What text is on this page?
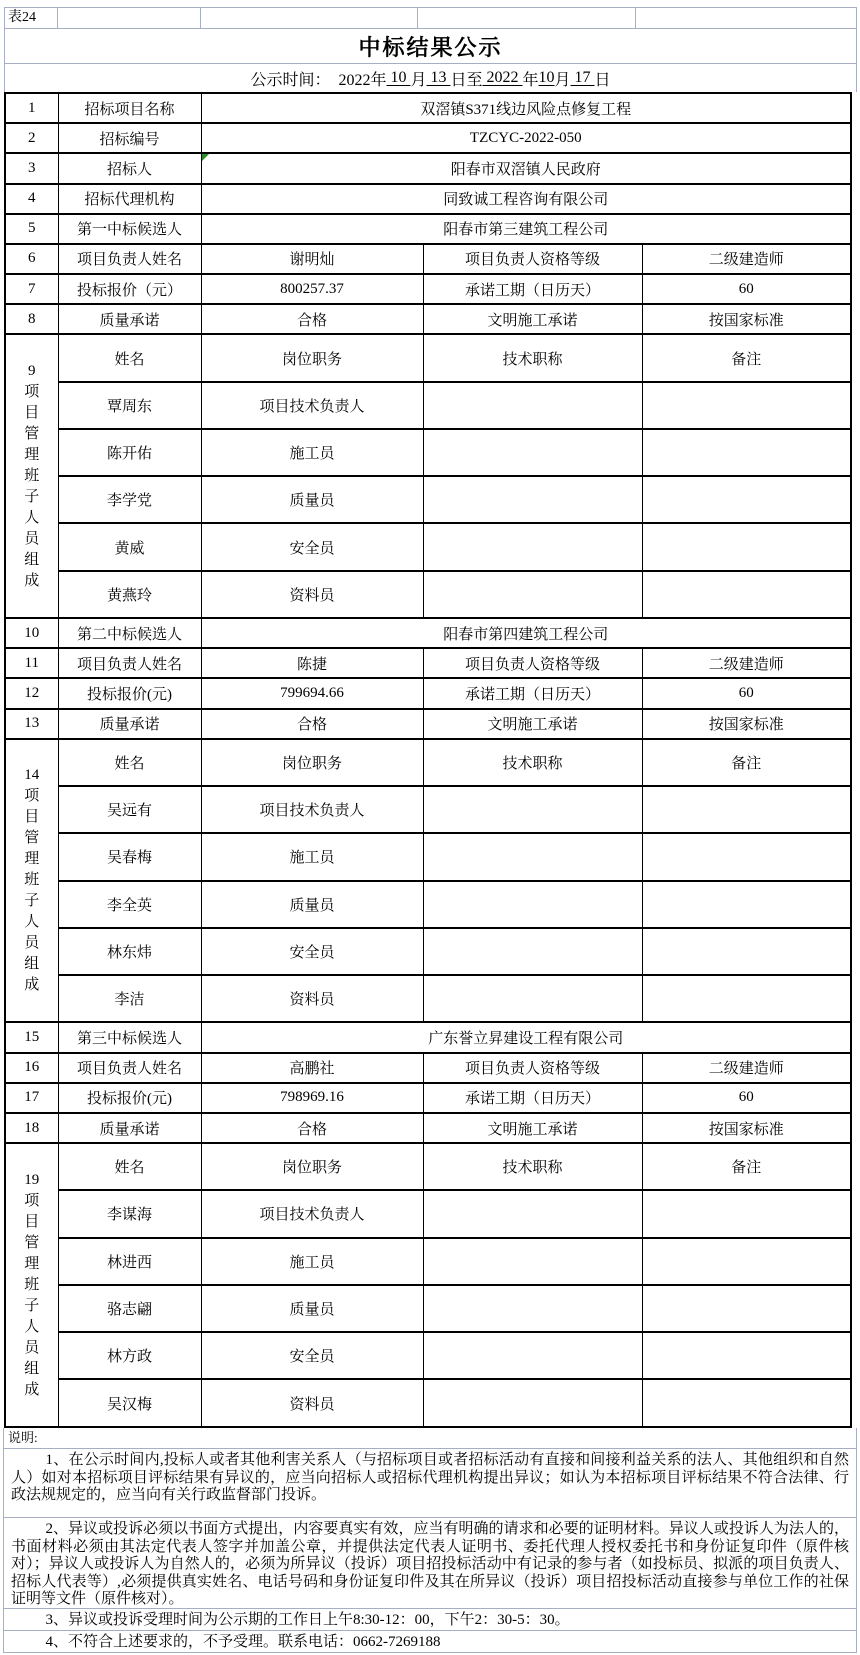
表24
中标结果公示
公示时间： 2022年 10 月 13 日至 2022 年 10 月 17 日
1	招标项目名称	双滘镇S371线边风险点修复工程		
2	招标编号	TZCYC-2022-050		
3	招标人	阳春市双滘镇人民政府		
4	招标代理机构	同致诚工程咨询有限公司		
5	第一中标候选人	阳春市第三建筑工程公司		
6	项目负责人姓名	谢明灿	项目负责人资格等级	二级建造师
7	投标报价（元）	800257.37	承诺工期（日历天）	60
8	质量承诺	合格	文明施工承诺	按国家标准

9项目管理班子人员组成	姓名	岗位职务	技术职称	备注
	覃周东	项目技术负责人		
	陈开佑	施工员		
	李学党	质量员		
	黄威	安全员		
	黄燕玲	资料员		
10	第二中标候选人	阳春市第四建筑工程公司		
11	项目负责人姓名	陈捷	项目负责人资格等级	二级建造师
12	投标报价(元)	799694.66	承诺工期（日历天）	60
13	质量承诺	合格	文明施工承诺	按国家标准

14项目管理班子人员组成	姓名	岗位职务	技术职称	备注
	吴远有	项目技术负责人		
	吴春梅	施工员		
	李全英	质量员		
	林东炜	安全员		
	李洁	资料员		
15	第三中标候选人	广东誉立昇建设工程有限公司		
16	项目负责人姓名	高鹏社	项目负责人资格等级	二级建造师
17	投标报价(元)	798969.16	承诺工期（日历天）	60
18	质量承诺	合格	文明施工承诺	按国家标准

19项目管理班子人员组成	姓名	岗位职务	技术职称	备注
	李谋海	项目技术负责人		
	林进西	施工员		
	骆志翩	质量员		
	林方政	安全员		
	吴汉梅	资料员		
说明:
1、在公示时间内,投标人或者其他利害关系人（与招标项目或者招标活动有直接和间接利益关系的法人、其他组织和自然人）如对本招标项目评标结果有异议的，应当向招标人或招标代理机构提出异议；如认为本招标项目评标结果不符合法律、行政法规规定的，应当向有关行政监督部门投诉。
2、异议或投诉必须以书面方式提出，内容要真实有效，应当有明确的请求和必要的证明材料。异议人或投诉人为法人的，书面材料必须由其法定代表人签字并加盖公章，并提供法定代表人证明书、委托代理人授权委托书和身份证复印件（原件核对）；异议人或投诉人为自然人的，必须为所异议（投诉）项目招投标活动中有记录的参与者（如投标员、拟派的项目负责人、招标人代表等）,必须提供真实姓名、电话号码和身份证复印件及其在所异议（投诉）项目招投标活动直接参与单位工作的社保证明等文件（原件核对）。
3、异议或投诉受理时间为公示期的工作日上午8:30-12：00，下午2：30-5：30。
4、不符合上述要求的，不予受理。联系电话：0662-7269188
